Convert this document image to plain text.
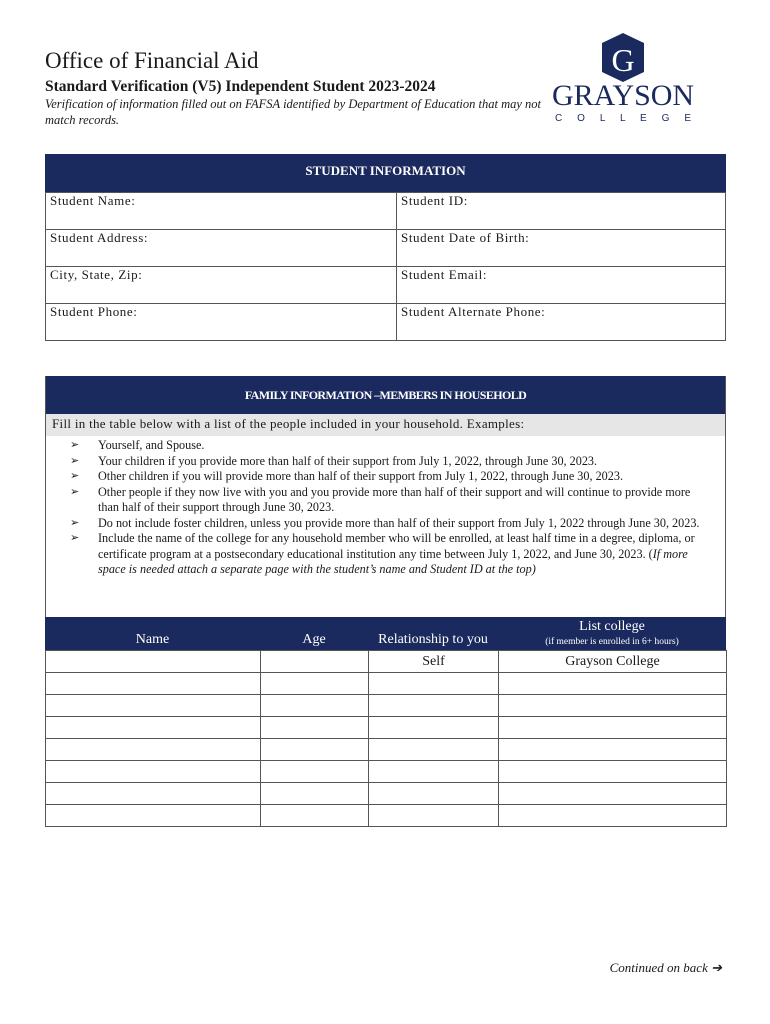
Office of Financial Aid
Standard Verification (V5) Independent Student 2023-2024
Verification of information filled out on FAFSA identified by Department of Education that may not match records.
G
GRAYSON
C O L L E G E
STUDENT INFORMATION
Student Name:	Student ID:
Student Address:	Student Date of Birth:
City, State, Zip:	Student Email:
Student Phone:	Student Alternate Phone:
FAMILY INFORMATION –MEMBERS IN HOUSEHOLD
Fill in the table below with a list of the people included in your household. Examples:
➢ Yourself, and Spouse.
➢ Your children if you provide more than half of their support from July 1, 2022, through June 30, 2023.
➢ Other children if you will provide more than half of their support from July 1, 2022, through June 30, 2023.
➢ Other people if they now live with you and you provide more than half of their support and will continue to provide more than half of their support through June 30, 2023.
➢ Do not include foster children, unless you provide more than half of their support from July 1, 2022 through June 30, 2023.
➢ Include the name of the college for any household member who will be enrolled, at least half time in a degree, diploma, or certificate program at a postsecondary educational institution any time between July 1, 2022, and June 30, 2023. (If more space is needed attach a separate page with the student’s name and Student ID at the top)
Name	Age	Relationship to you
List college
(if member is enrolled in 6+ hours)
		Self	Grayson College

Continued on back ➔
